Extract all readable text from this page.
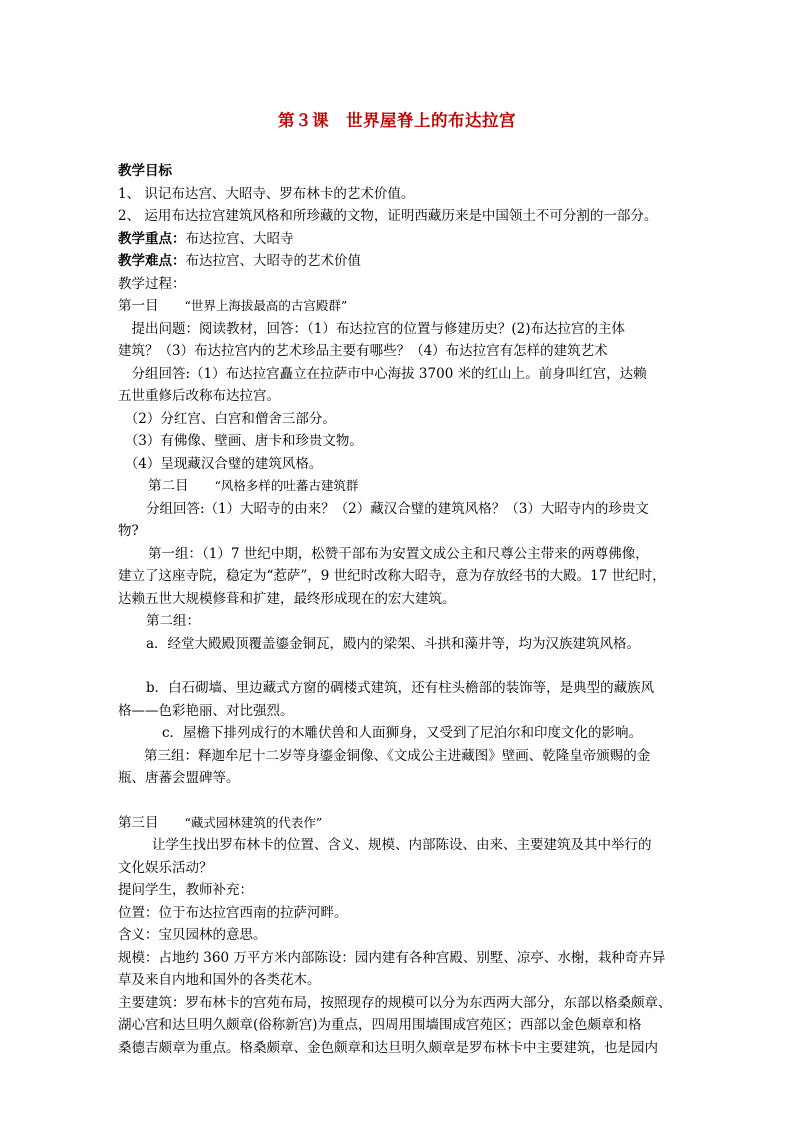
第３课　世界屋脊上的布达拉宫

教学目标

1、 识记布达宫、大昭寺、罗布林卡的艺术价值。

2、 运用布达拉宫建筑风格和所珍藏的文物，证明西藏历来是中国领土不可分割的一部分。

教学重点：布达拉宫、大昭寺

教学难点：布达拉宫、大昭寺的艺术价值

教学过程：

第一目 “世界上海拔最高的古宫殿群”

　提出问题：阅读教材，回答：（1）布达拉宫的位置与修建历史？(2)布达拉宫的主体

建筑？（3）布达拉宫内的艺术珍品主要有哪些？（4）布达拉宫有怎样的建筑艺术

　分组回答:（1）布达拉宫矗立在拉萨市中心海拔 3700 米的红山上。前身叫红宫，达赖

五世重修后改称布达拉宫。

　（2）分红宫、白宫和僧舍三部分。

　（3）有佛像、壁画、唐卡和珍贵文物。

　（4）呈现藏汉合璧的建筑风格。

第二目 “风格多样的吐蕃古建筑群

分组回答:（1）大昭寺的由来？（2）藏汉合璧的建筑风格？（3）大昭寺内的珍贵文

物?

第一组：（1）7 世纪中期，松赞干部布为安置文成公主和尺尊公主带来的两尊佛像，

建立了这座寺院，稳定为“惹萨”，9 世纪时改称大昭寺，意为存放经书的大殿。17 世纪时，

达赖五世大规模修葺和扩建，最终形成现在的宏大建筑。

第二组：

a．经堂大殿殿顶覆盖鎏金铜瓦，殿内的梁架、斗拱和藻井等，均为汉族建筑风格。

b．白石砌墙、里边藏式方窗的碉楼式建筑，还有柱头檐部的装饰等，是典型的藏族风

格——色彩艳丽、对比强烈。

c．屋檐下排列成行的木雕伏兽和人面狮身，又受到了尼泊尔和印度文化的影响。

第三组：释迦牟尼十二岁等身鎏金铜像、《文成公主进藏图》壁画、乾隆皇帝颁赐的金

瓶、唐蕃会盟碑等。

第三目 “藏式园林建筑的代表作”

让学生找出罗布林卡的位置、含义、规模、内部陈设、由来、主要建筑及其中举行的

文化娱乐活动？

提问学生，教师补充：

位置：位于布达拉宫西南的拉萨河畔。

含义：宝贝园林的意思。

规模：占地约 360 万平方米内部陈设：园内建有各种宫殿、别墅、凉亭、水榭，栽种奇卉异

草及来自内地和国外的各类花木。

主要建筑：罗布林卡的宫苑布局，按照现存的规模可以分为东西两大部分，东部以格桑颇章、

湖心宫和达旦明久颇章(俗称新宫)为重点，四周用围墙围成宫苑区；西部以金色颇章和格

桑德吉颇章为重点。格桑颇章、金色颇章和达旦明久颇章是罗布林卡中主要建筑，也是园内
